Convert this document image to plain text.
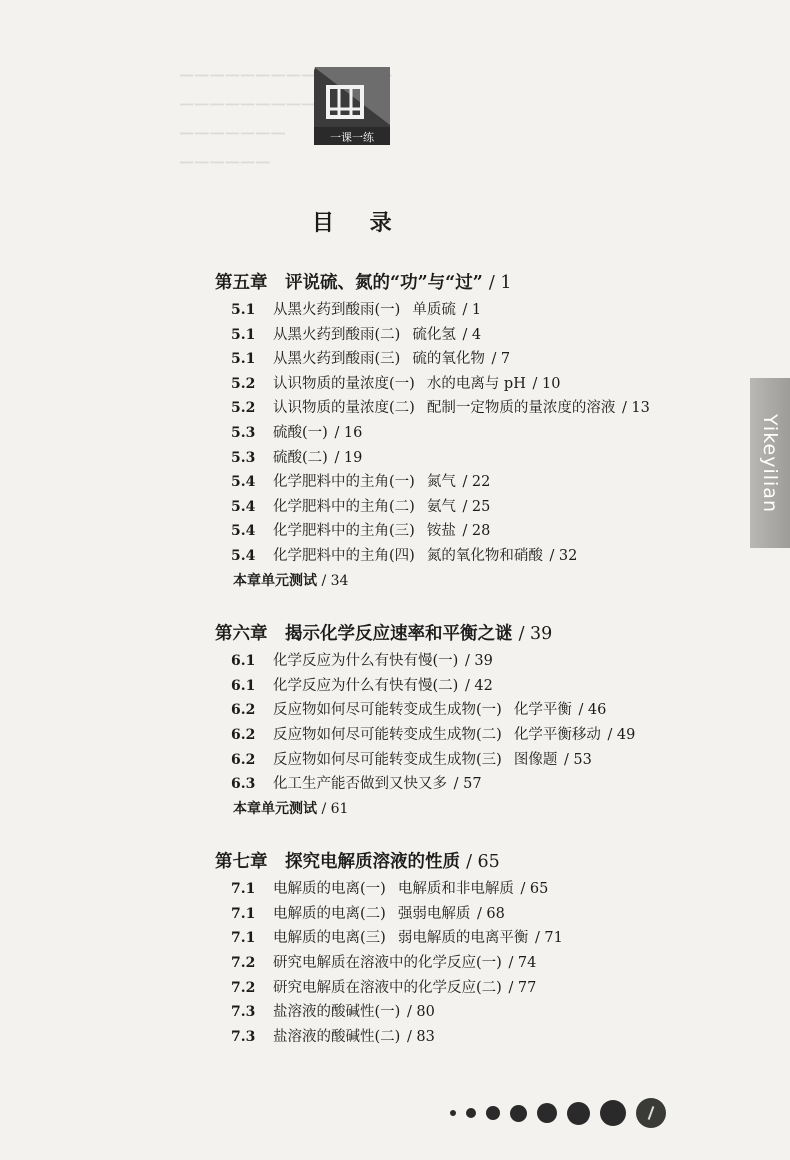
──────────────
──────────
───────
──────
一课一练
目 录
第五章　评说硫、氮的“功”与“过” / 1
5.1 从黑火药到酸雨(一) 单质硫 / 1
5.1 从黑火药到酸雨(二) 硫化氢 / 4
5.1 从黑火药到酸雨(三) 硫的氧化物 / 7
5.2 认识物质的量浓度(一) 水的电离与 pH / 10
5.2 认识物质的量浓度(二) 配制一定物质的量浓度的溶液 / 13
5.3 硫酸(一) / 16
5.3 硫酸(二) / 19
5.4 化学肥料中的主角(一) 氮气 / 22
5.4 化学肥料中的主角(二) 氨气 / 25
5.4 化学肥料中的主角(三) 铵盐 / 28
5.4 化学肥料中的主角(四) 氮的氧化物和硝酸 / 32
本章单元测试 / 34
第六章　揭示化学反应速率和平衡之谜 / 39
6.1 化学反应为什么有快有慢(一) / 39
6.1 化学反应为什么有快有慢(二) / 42
6.2 反应物如何尽可能转变成生成物(一) 化学平衡 / 46
6.2 反应物如何尽可能转变成生成物(二) 化学平衡移动 / 49
6.2 反应物如何尽可能转变成生成物(三) 图像题 / 53
6.3 化工生产能否做到又快又多 / 57
本章单元测试 / 61
第七章　探究电解质溶液的性质 / 65
7.1 电解质的电离(一) 电解质和非电解质 / 65
7.1 电解质的电离(二) 强弱电解质 / 68
7.1 电解质的电离(三) 弱电解质的电离平衡 / 71
7.2 研究电解质在溶液中的化学反应(一) / 74
7.2 研究电解质在溶液中的化学反应(二) / 77
7.3 盐溶液的酸碱性(一) / 80
7.3 盐溶液的酸碱性(二) / 83
Yikeyilian
